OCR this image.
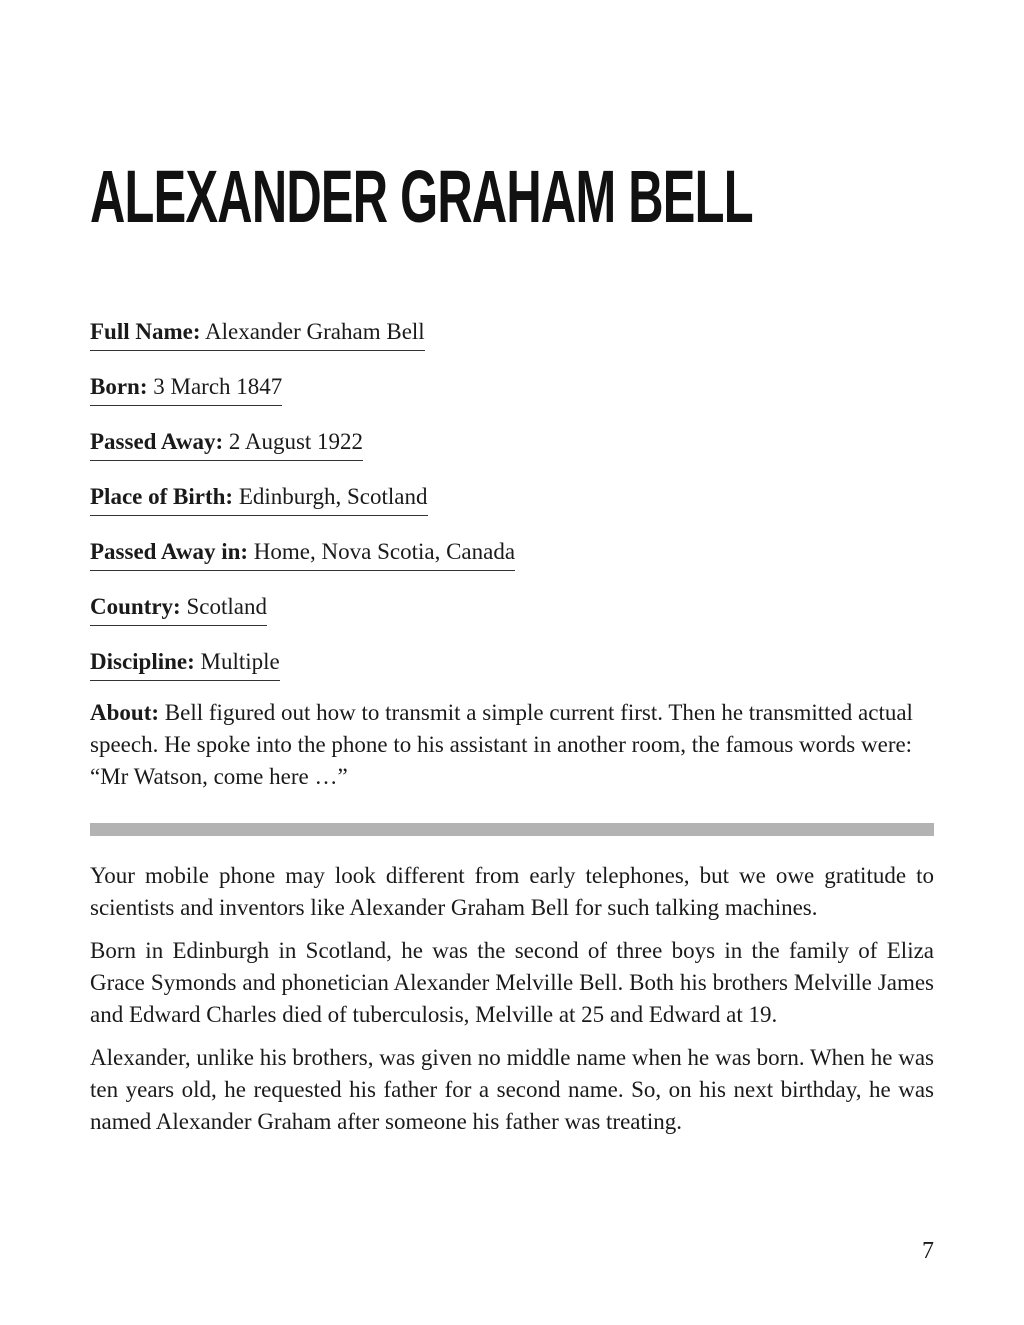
ALEXANDER GRAHAM BELL
Full Name: Alexander Graham Bell
Born: 3 March 1847
Passed Away: 2 August 1922
Place of Birth: Edinburgh, Scotland
Passed Away in: Home, Nova Scotia, Canada
Country: Scotland
Discipline: Multiple
About: Bell figured out how to transmit a simple current first. Then he transmitted actual speech. He spoke into the phone to his assistant in another room, the famous words were: “Mr Watson, come here …”

Your mobile phone may look different from early telephones, but we owe gratitude to scientists and inventors like Alexander Graham Bell for such talking machines.

Born in Edinburgh in Scotland, he was the second of three boys in the family of Eliza Grace Symonds and phonetician Alexander Melville Bell. Both his brothers Melville James and Edward Charles died of tuberculosis, Melville at 25 and Edward at 19.

Alexander, unlike his brothers, was given no middle name when he was born. When he was ten years old, he requested his father for a second name. So, on his next birthday, he was named Alexander Graham after someone his father was treating.

7
